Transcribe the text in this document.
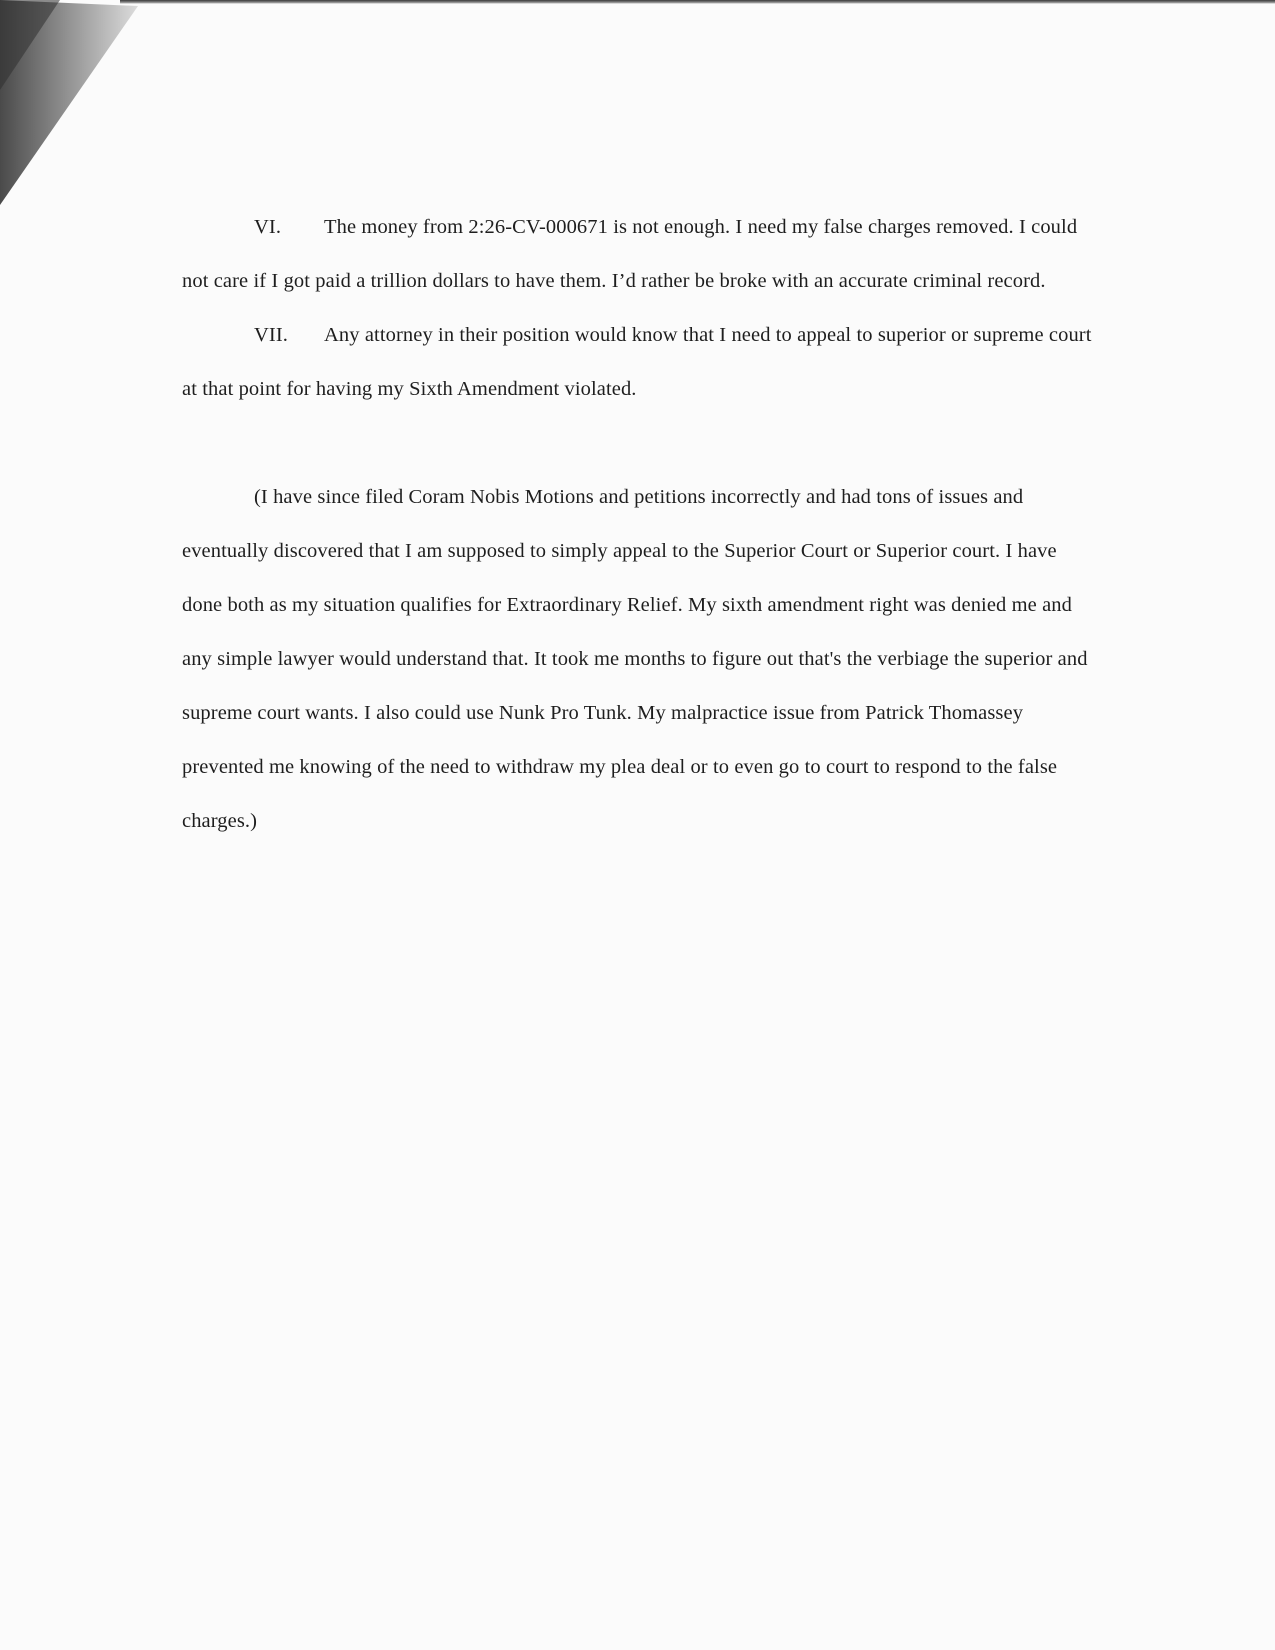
VI. The money from 2:26-CV-000671 is not enough. I need my false charges removed. I could not care if I got paid a trillion dollars to have them. I’d rather be broke with an accurate criminal record.

VII. Any attorney in their position would know that I need to appeal to superior or supreme court at that point for having my Sixth Amendment violated.

(I have since filed Coram Nobis Motions and petitions incorrectly and had tons of issues and eventually discovered that I am supposed to simply appeal to the Superior Court or Superior court. I have done both as my situation qualifies for Extraordinary Relief. My sixth amendment right was denied me and any simple lawyer would understand that. It took me months to figure out that's the verbiage the superior and supreme court wants. I also could use Nunk Pro Tunk. My malpractice issue from Patrick Thomassey prevented me knowing of the need to withdraw my plea deal or to even go to court to respond to the false charges.)
